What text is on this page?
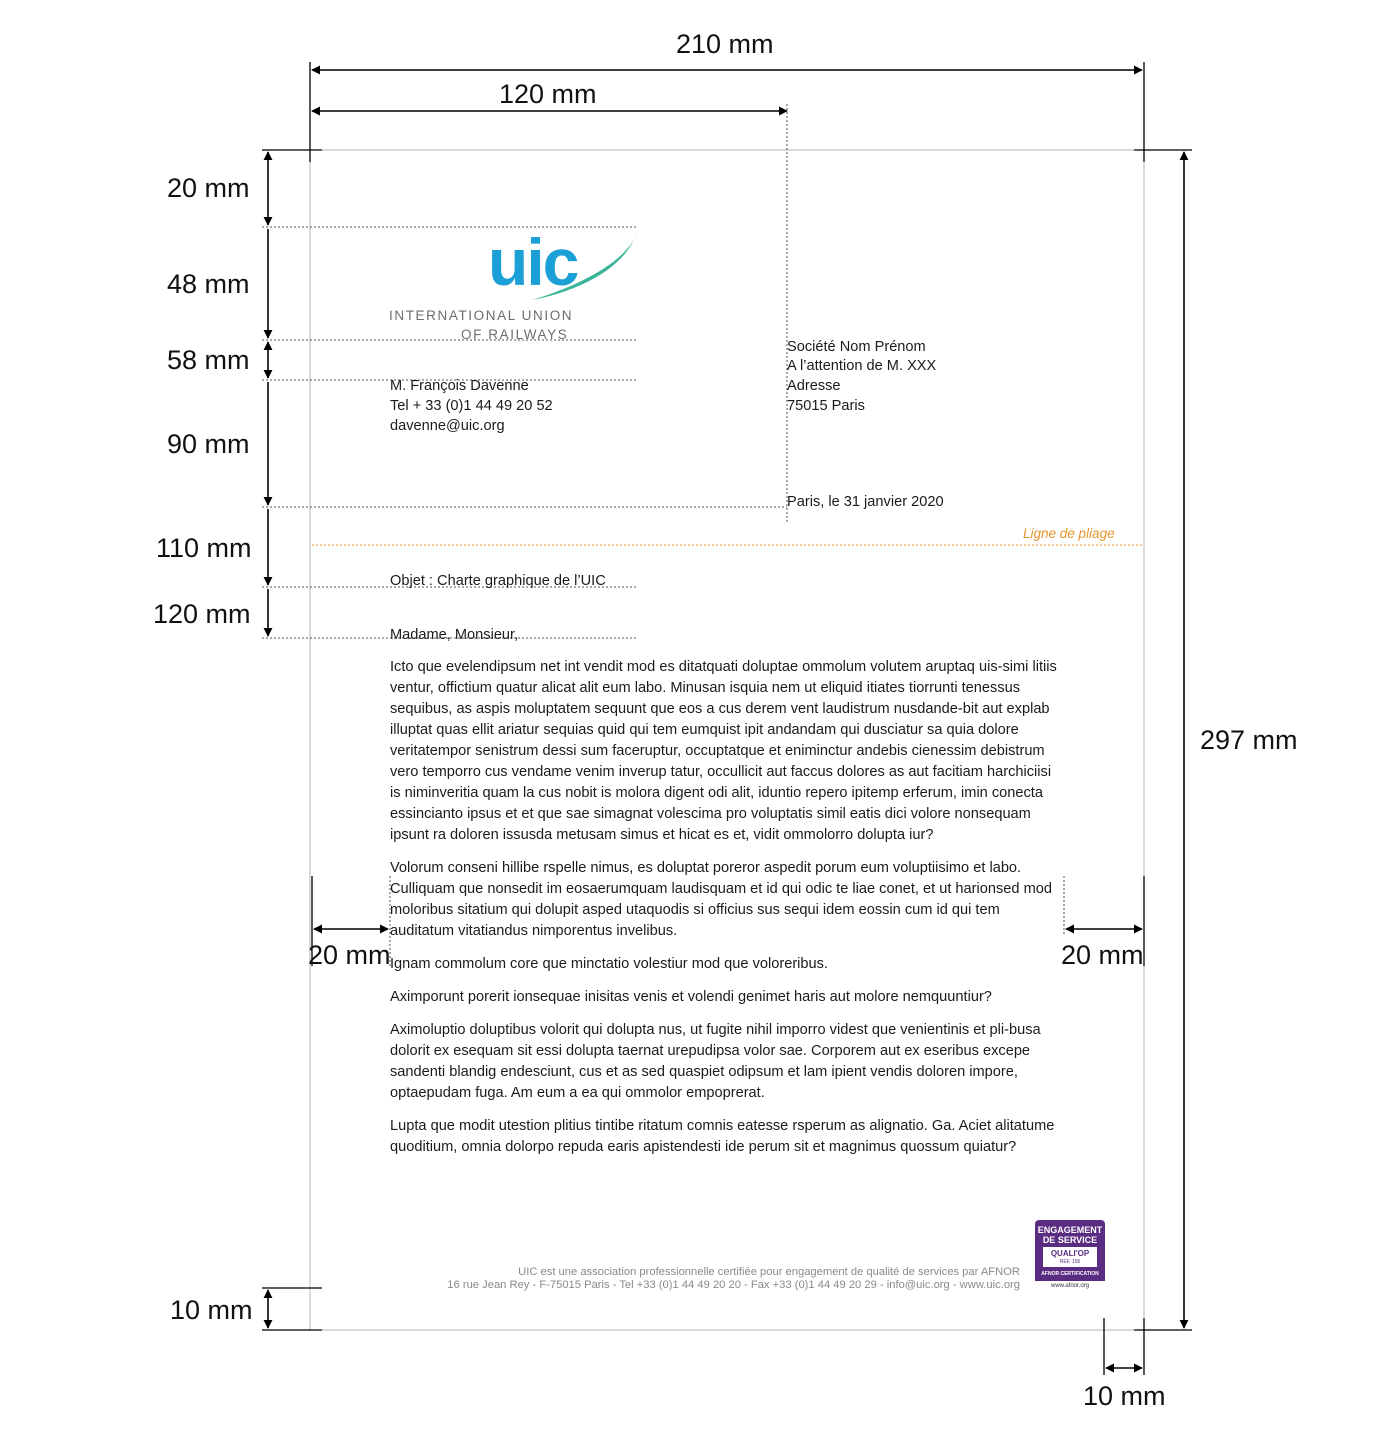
uic
210 mm
120 mm
20 mm
48 mm
58 mm
90 mm
110 mm
120 mm
297 mm
20 mm	20 mm
10 mm
10 mm
INTERNATIONAL UNION
OF RAILWAYS
M. François Davenne
Tel + 33 (0)1 44 49 20 52
davenne@uic.org
Société Nom Prénom
A l’attention de M. XXX
Adresse
75015 Paris
Paris, le 31 janvier 2020
Ligne de pliage
Objet : Charte graphique de l’UIC
Madame, Monsieur,

Icto que evelendipsum net int vendit mod es ditatquati doluptae ommolum volutem aruptaq uis-simi litiis ventur, offictium quatur alicat alit eum labo. Minusan isquia nem ut eliquid itiates tiorrunti tenessus sequibus, as aspis moluptatem sequunt que eos a cus derem vent laudistrum nusdande-bit aut explab illuptat quas ellit ariatur sequias quid qui tem eumquist ipit andandam qui dusciatur sa quia dolore veritatempor senistrum dessi sum faceruptur, occuptatque et eniminctur andebis cienessim debistrum vero temporro cus vendame venim inverup tatur, occullicit aut faccus dolores as aut facitiam harchiciisi is niminveritia quam la cus nobit is molora digent odi alit, iduntio repero ipitemp erferum, imin conecta essincianto ipsus et et que sae simagnat volescima pro voluptatis simil eatis dici volore nonsequam ipsunt ra doloren issusda metusam simus et hicat es et, vidit ommolorro dolupta iur?

Volorum conseni hillibe rspelle nimus, es doluptat poreror aspedit porum eum voluptiisimo et labo. Culliquam que nonsedit im eosaerumquam laudisquam et id qui odic te liae conet, et ut harionsed mod moloribus sitatium qui dolupit asped utaquodis si officius sus sequi idem eossin cum id qui tem auditatum vitatiandus nimporentus invelibus.

Ignam commolum core que minctatio volestiur mod que voloreribus.

Aximporunt porerit ionsequae inisitas venis et volendi genimet haris aut molore nemquuntiur?

Aximoluptio doluptibus volorit qui dolupta nus, ut fugite nihil imporro videst que venientinis et pli-busa dolorit ex esequam sit essi dolupta taernat urepudipsa volor sae. Corporem aut ex eseribus excepe sandenti blandig endesciunt, cus et as sed quaspiet odipsum et lam ipient vendis doloren impore, optaepudam fuga. Am eum a ea qui ommolor empoprerat.

Lupta que modit utestion plitius tintibe ritatum comnis eatesse rsperum as alignatio. Ga. Aciet alitatume quoditium, omnia dolorpo repuda earis apistendesti ide perum sit et magnimus quossum quiatur?

UIC est une association professionnelle certifiée pour engagement de qualité de services par AFNOR
16 rue Jean Rey - F-75015 Paris - Tel +33 (0)1 44 49 20 20 - Fax +33 (0)1 44 49 20 29 - info@uic.org - www.uic.org
ENGAGEMENT
DE SERVICE
QUALI'OP
REF. 196
AFNOR CERTIFICATION
www.afnor.org
